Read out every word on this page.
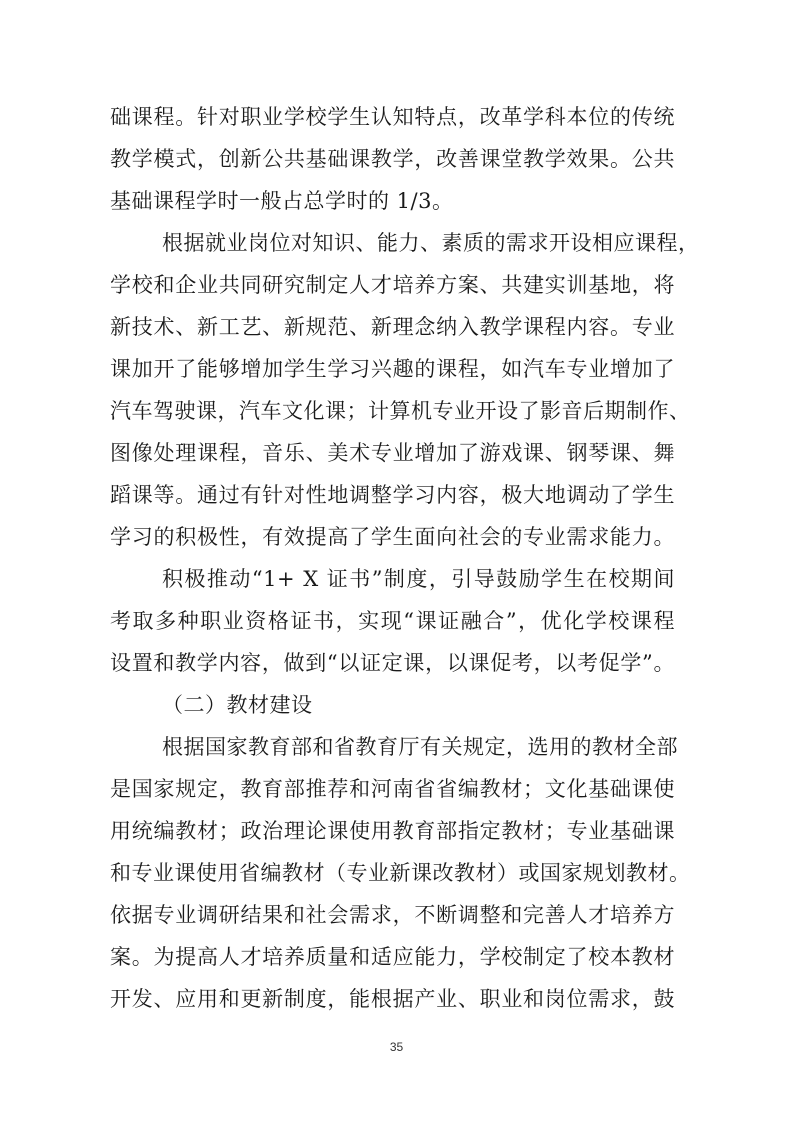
础课程。针对职业学校学生认知特点，改革学科本位的传统
教学模式，创新公共基础课教学，改善课堂教学效果。公共
基础课程学时一般占总学时的 1/3。
根据就业岗位对知识、能力、素质的需求开设相应课程，
学校和企业共同研究制定人才培养方案、共建实训基地，将
新技术、新工艺、新规范、新理念纳入教学课程内容。专业
课加开了能够增加学生学习兴趣的课程，如汽车专业增加了
汽车驾驶课，汽车文化课；计算机专业开设了影音后期制作、
图像处理课程，音乐、美术专业增加了游戏课、钢琴课、舞
蹈课等。通过有针对性地调整学习内容，极大地调动了学生
学习的积极性，有效提高了学生面向社会的专业需求能力。
积极推动“1+ X 证书”制度，引导鼓励学生在校期间
考取多种职业资格证书，实现“课证融合”，优化学校课程
设置和教学内容，做到“以证定课，以课促考，以考促学”。
（二）教材建设
根据国家教育部和省教育厅有关规定，选用的教材全部
是国家规定，教育部推荐和河南省省编教材；文化基础课使
用统编教材；政治理论课使用教育部指定教材；专业基础课
和专业课使用省编教材（专业新课改教材）或国家规划教材。
依据专业调研结果和社会需求，不断调整和完善人才培养方
案。为提高人才培养质量和适应能力，学校制定了校本教材
开发、应用和更新制度，能根据产业、职业和岗位需求，鼓
35
